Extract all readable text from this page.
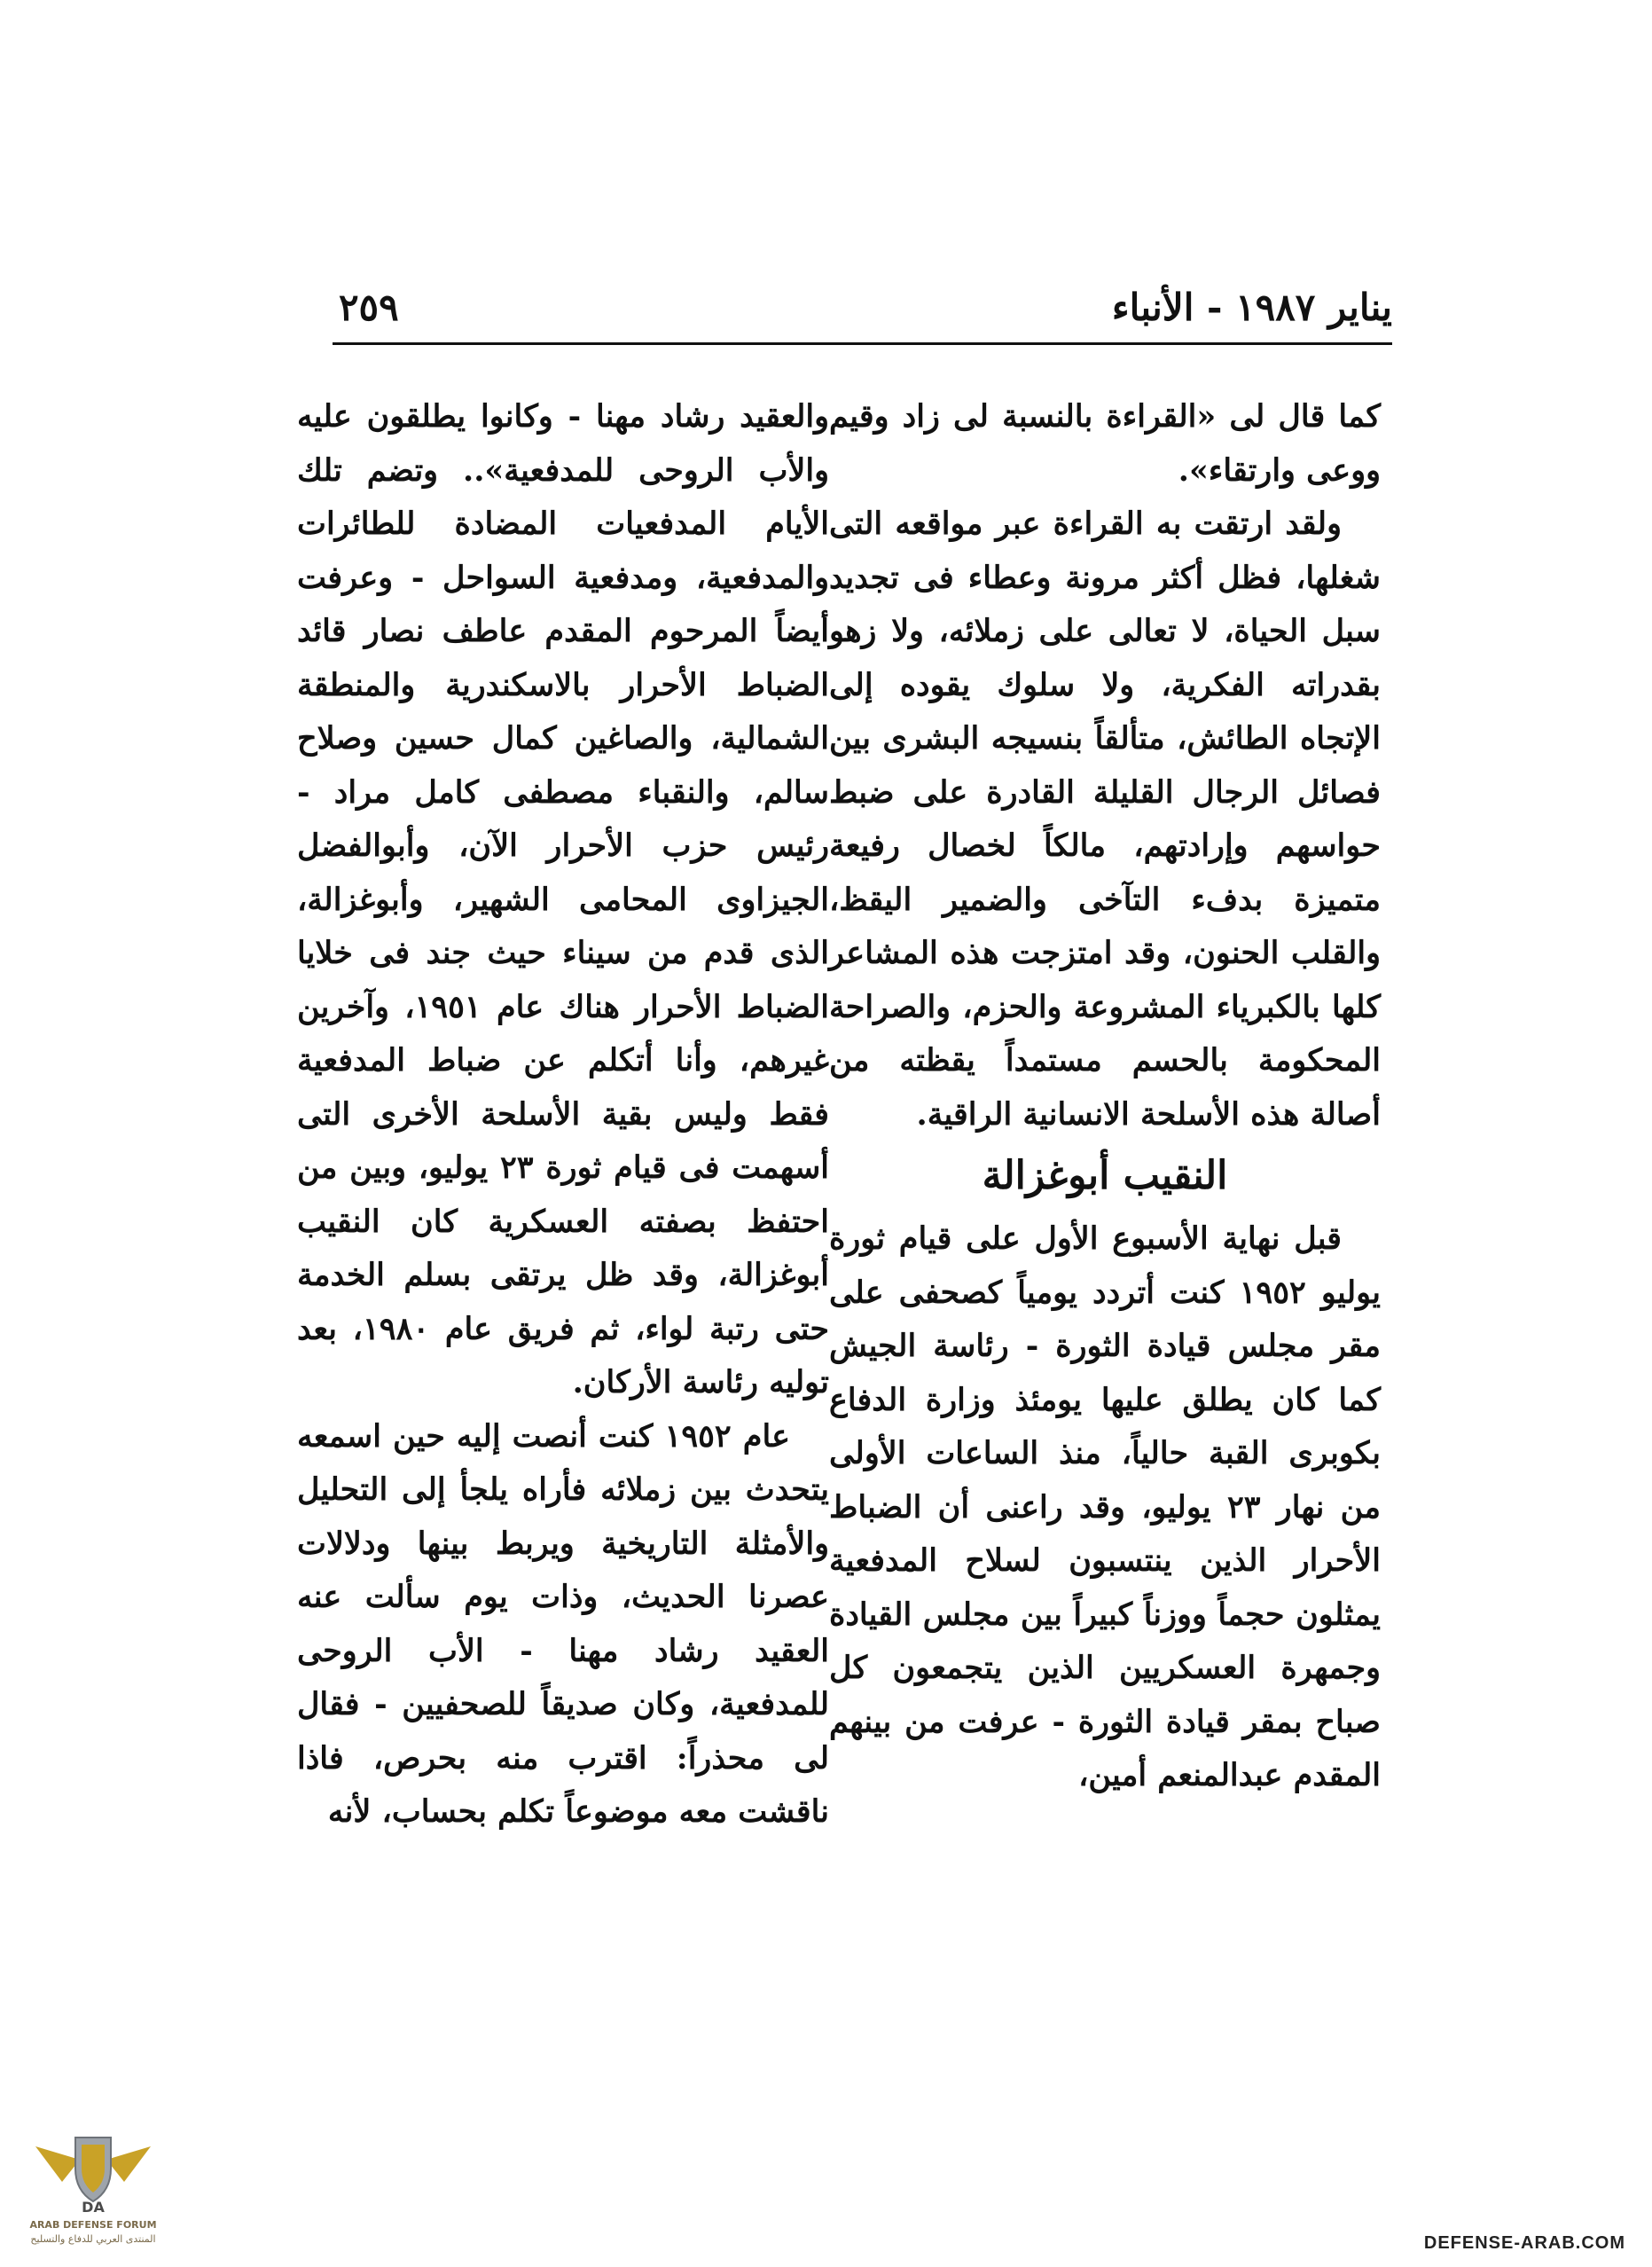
يناير ١٩٨٧ - الأنباء
٢٥٩

كما قال لى «القراءة بالنسبة لى زاد وقيم ووعى وارتقاء».

ولقد ارتقت به القراءة عبر مواقعه التى شغلها، فظل أكثر مرونة وعطاء فى تجديد سبل الحياة، لا تعالى على زملائه، ولا زهو بقدراته الفكرية، ولا سلوك يقوده إلى الإتجاه الطائش، متألقاً بنسيجه البشرى بين فصائل الرجال القليلة القادرة على ضبط حواسهم وإرادتهم، مالكاً لخصال رفيعة متميزة بدفء التآخى والضمير اليقظ، والقلب الحنون، وقد امتزجت هذه المشاعر كلها بالكبرياء المشروعة والحزم، والصراحة المحكومة بالحسم مستمداً يقظته من أصالة هذه الأسلحة الانسانية الراقية.

النقيب أبوغزالة

قبل نهاية الأسبوع الأول على قيام ثورة يوليو ١٩٥٢ كنت أتردد يومياً كصحفى على مقر مجلس قيادة الثورة - رئاسة الجيش كما كان يطلق عليها يومئذ وزارة الدفاع بكوبرى القبة حالياً، منذ الساعات الأولى من نهار ٢٣ يوليو، وقد راعنى أن الضباط الأحرار الذين ينتسبون لسلاح المدفعية يمثلون حجماً ووزناً كبيراً بين مجلس القيادة وجمهرة العسكريين الذين يتجمعون كل صباح بمقر قيادة الثورة - عرفت من بينهم المقدم عبدالمنعم أمين،

والعقيد رشاد مهنا - وكانوا يطلقون عليه والأب الروحى للمدفعية».. وتضم تلك الأيام المدفعيات المضادة للطائرات والمدفعية، ومدفعية السواحل - وعرفت أيضاً المرحوم المقدم عاطف نصار قائد الضباط الأحرار بالاسكندرية والمنطقة الشمالية، والصاغين كمال حسين وصلاح سالم، والنقباء مصطفى كامل مراد - رئيس حزب الأحرار الآن، وأبوالفضل الجيزاوى المحامى الشهير، وأبوغزالة، الذى قدم من سيناء حيث جند فى خلايا الضباط الأحرار هناك عام ١٩٥١، وآخرين غيرهم، وأنا أتكلم عن ضباط المدفعية فقط وليس بقية الأسلحة الأخرى التى أسهمت فى قيام ثورة ٢٣ يوليو، وبين من احتفظ بصفته العسكرية كان النقيب أبوغزالة، وقد ظل يرتقى بسلم الخدمة حتى رتبة لواء، ثم فريق عام ١٩٨٠، بعد توليه رئاسة الأركان.

عام ١٩٥٢ كنت أنصت إليه حين اسمعه يتحدث بين زملائه فأراه يلجأ إلى التحليل والأمثلة التاريخية ويربط بينها ودلالات عصرنا الحديث، وذات يوم سألت عنه العقيد رشاد مهنا - الأب الروحى للمدفعية، وكان صديقاً للصحفيين - فقال لى محذراً: اقترب منه بحرص، فاذا ناقشت معه موضوعاً تكلم بحساب، لأنه

DA
ARAB DEFENSE FORUM
المنتدى العربي للدفاع والتسليح	DEFENSE-ARAB.COM
